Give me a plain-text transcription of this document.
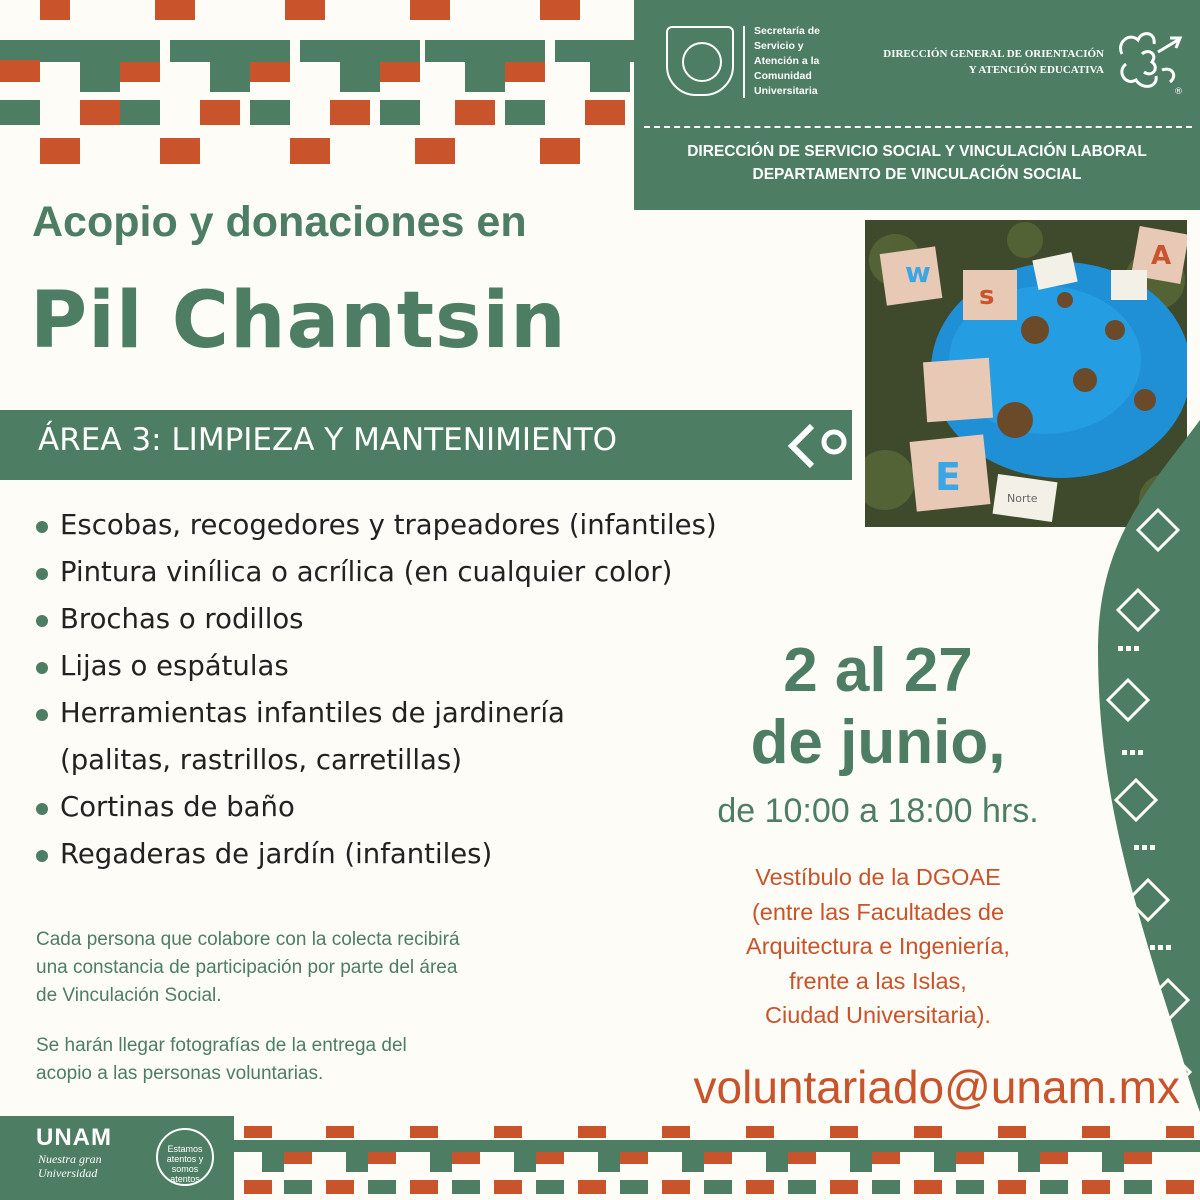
Secretaría de
Servicio y
Atención a la
Comunidad
Universitaria
DIRECCIÓN GENERAL DE ORIENTACIÓN
Y ATENCIÓN EDUCATIVA
®
DIRECCIÓN DE SERVICIO SOCIAL Y VINCULACIÓN LABORAL
DEPARTAMENTO DE VINCULACIÓN SOCIAL
Acopio y donaciones en
Pil Chantsin
ÁREA 3: LIMPIEZA Y MANTENIMIENTO
w
s
A
E	Norte
Escobas, recogedores y trapeadores (infantiles)
Pintura vinílica o acrílica (en cualquier color)
Brochas o rodillos
Lijas o espátulas
Herramientas infantiles de jardinería
(palitas, rastrillos, carretillas)
Cortinas de baño
Regaderas de jardín (infantiles)
2 al 27
de junio,
de 10:00 a 18:00 hrs.
Vestíbulo de la DGOAE
(entre las Facultades de
Arquitectura e Ingeniería,
frente a las Islas,
Ciudad Universitaria).
Cada persona que colabore con la colecta recibirá
una constancia de participación por parte del área
de Vinculación Social.
Se harán llegar fotografías de la entrega del
acopio a las personas voluntarias.	voluntariado@unam.mx
UNAM
Nuestra gran
Universidad
Estamos
atentos y
somos
atentos
